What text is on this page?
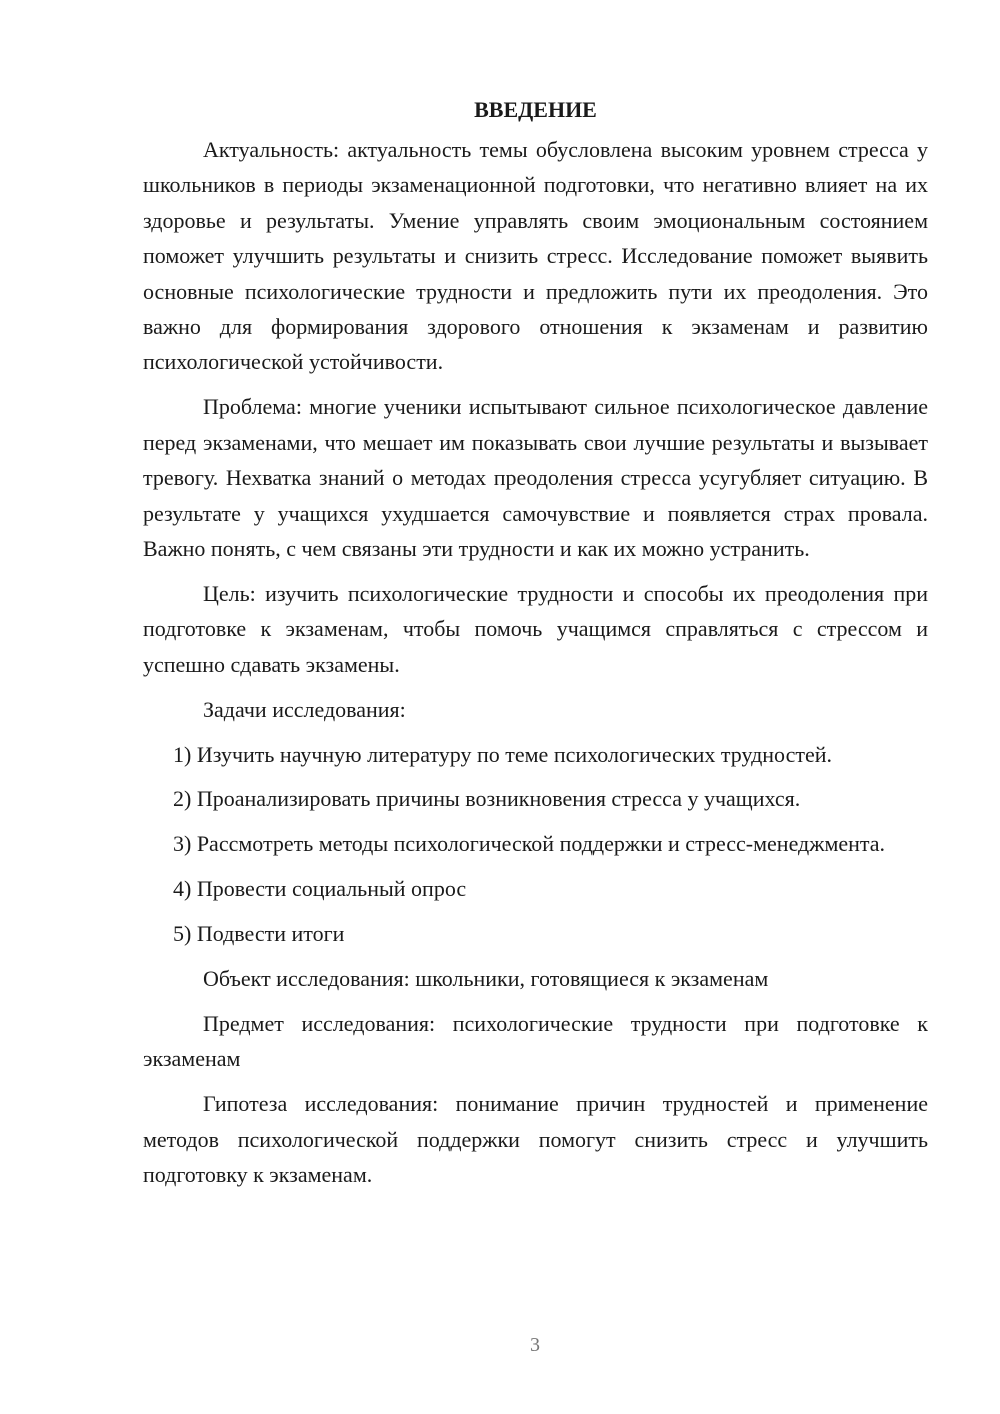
ВВЕДЕНИЕ

Актуальность: актуальность темы обусловлена высоким уровнем стресса у школьников в периоды экзаменационной подготовки, что негативно влияет на их здоровье и результаты. Умение управлять своим эмоциональным состоянием поможет улучшить результаты и снизить стресс. Исследование поможет выявить основные психологические трудности и предложить пути их преодоления. Это важно для формирования здорового отношения к экзаменам и развитию психологической устойчивости.

Проблема: многие ученики испытывают сильное психологическое давление перед экзаменами, что мешает им показывать свои лучшие результаты и вызывает тревогу. Нехватка знаний о методах преодоления стресса усугубляет ситуацию. В результате у учащихся ухудшается самочувствие и появляется страх провала. Важно понять, с чем связаны эти трудности и как их можно устранить.

Цель: изучить психологические трудности и способы их преодоления при подготовке к экзаменам, чтобы помочь учащимся справляться с стрессом и успешно сдавать экзамены.

Задачи исследования:

1) Изучить научную литературу по теме психологических трудностей.

2) Проанализировать причины возникновения стресса у учащихся.

3) Рассмотреть методы психологической поддержки и стресс-менеджмента.

4) Провести социальный опрос

5) Подвести итоги

Объект исследования: школьники, готовящиеся к экзаменам

Предмет исследования: психологические трудности при подготовке к экзаменам

Гипотеза исследования: понимание причин трудностей и применение методов психологической поддержки помогут снизить стресс и улучшить подготовку к экзаменам.

3
